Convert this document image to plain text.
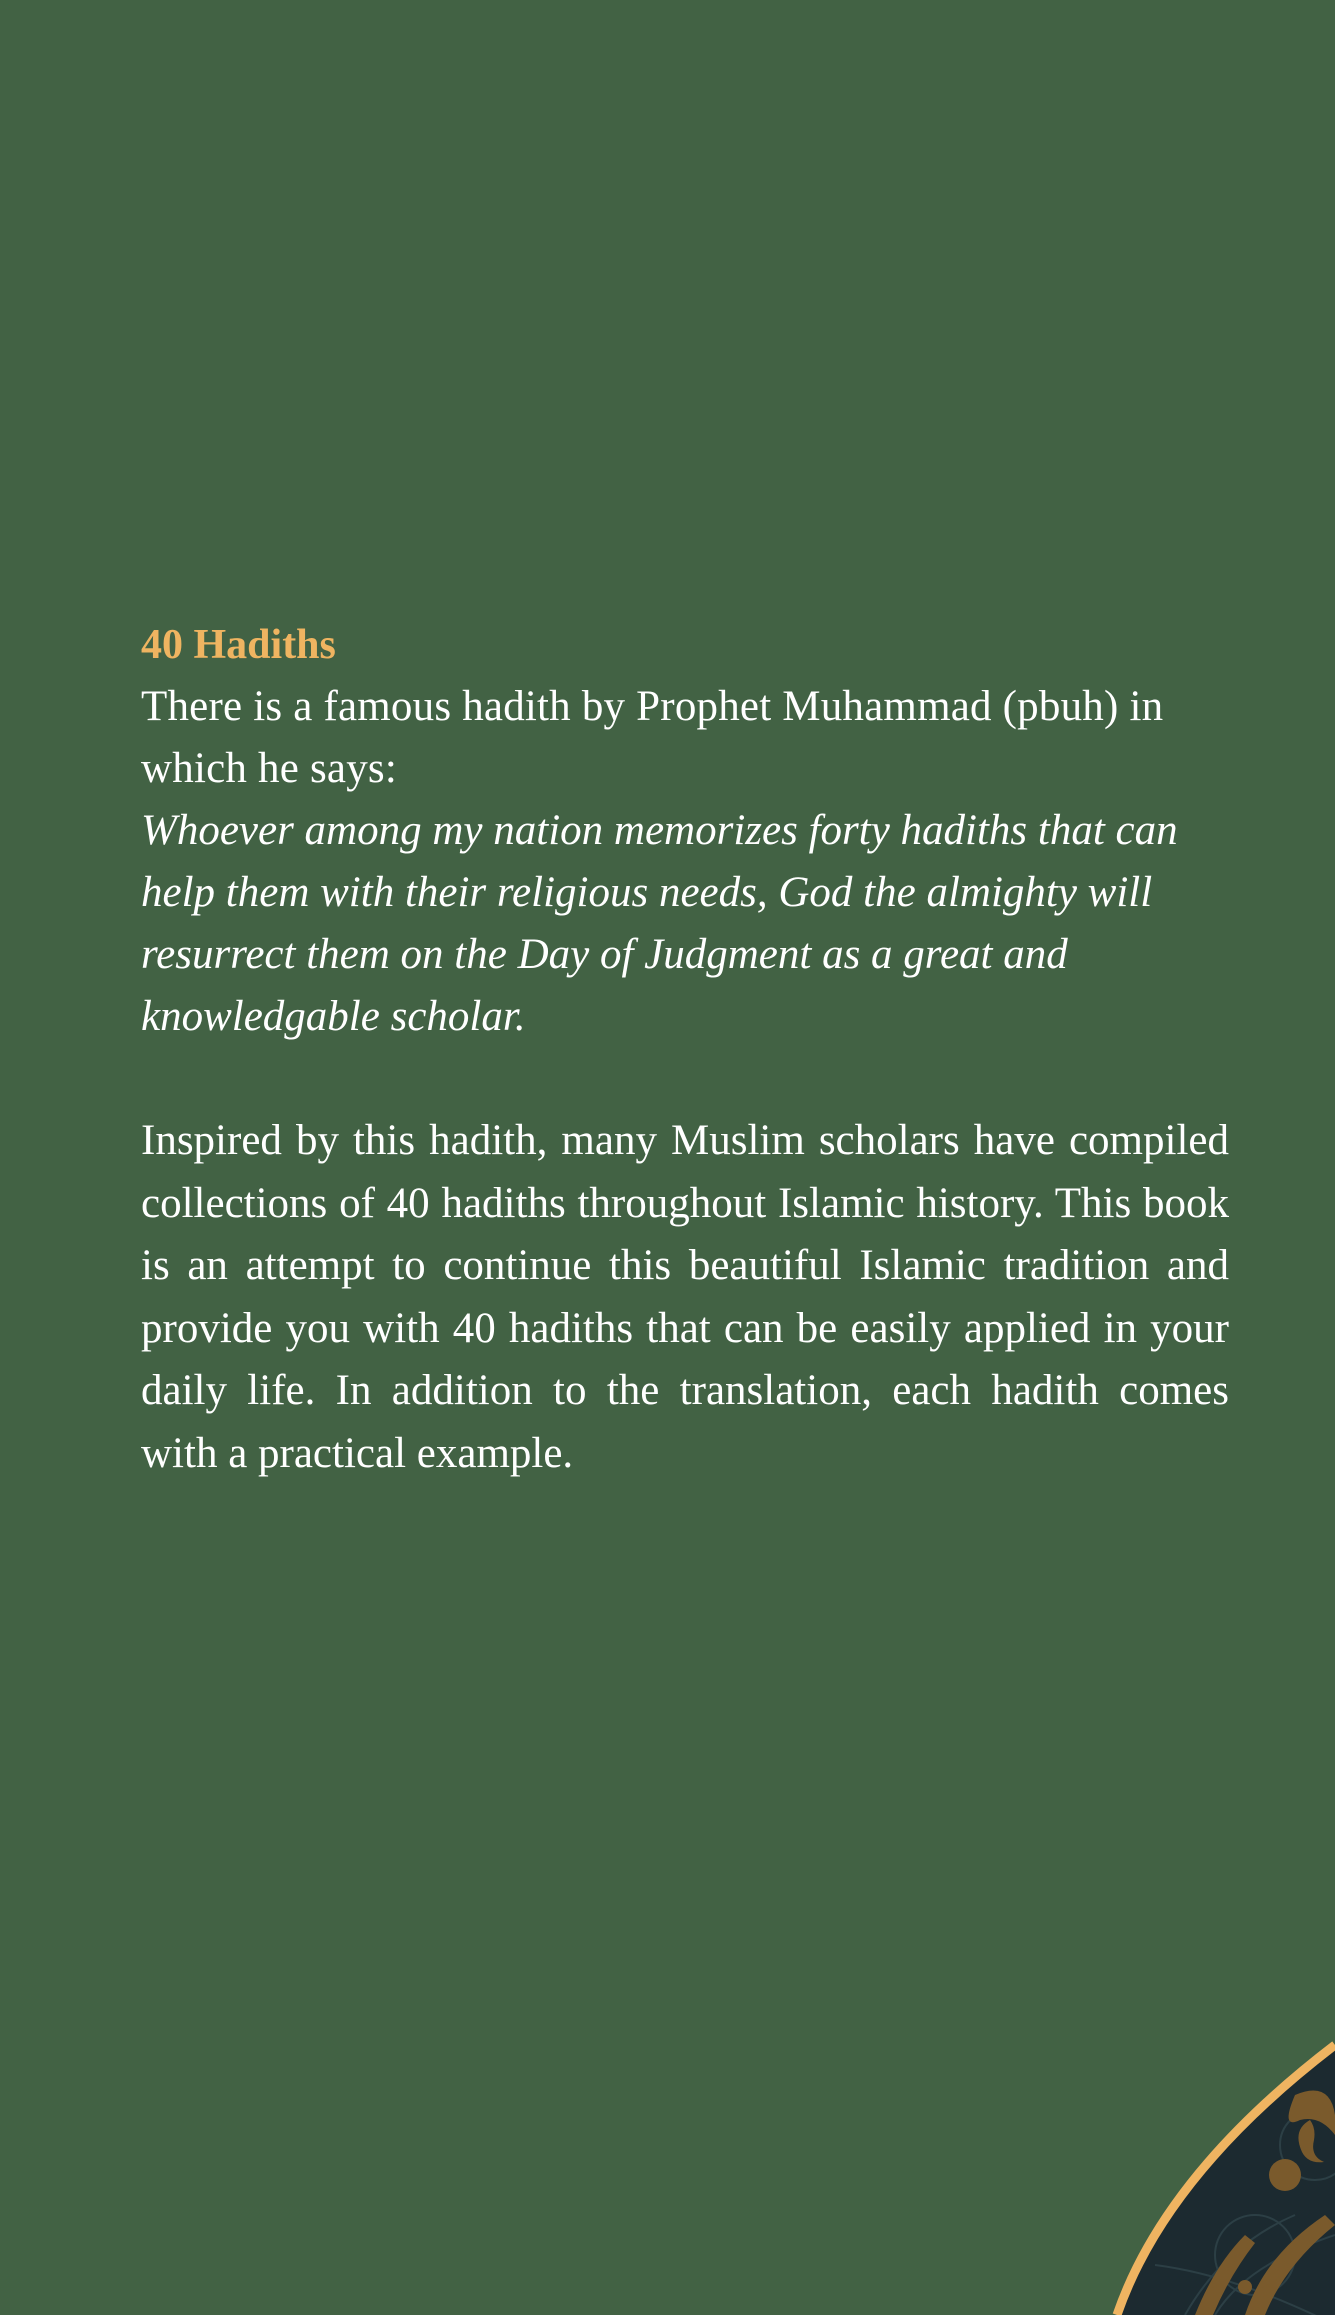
40 Hadiths

There is a famous hadith by Prophet Muhammad (pbuh) in which he says:

Whoever among my nation memorizes forty hadiths that can help them with their religious needs, God the almighty will resurrect them on the Day of Judgment as a great and knowledgable scholar.

Inspired by this hadith, many Muslim scholars have compiled collections of 40 hadiths throughout Islamic history. This book is an attempt to continue this beautiful Islamic tradition and provide you with 40 hadiths that can be easily applied in your daily life. In addition to the translation, each hadith comes with a practical example.
